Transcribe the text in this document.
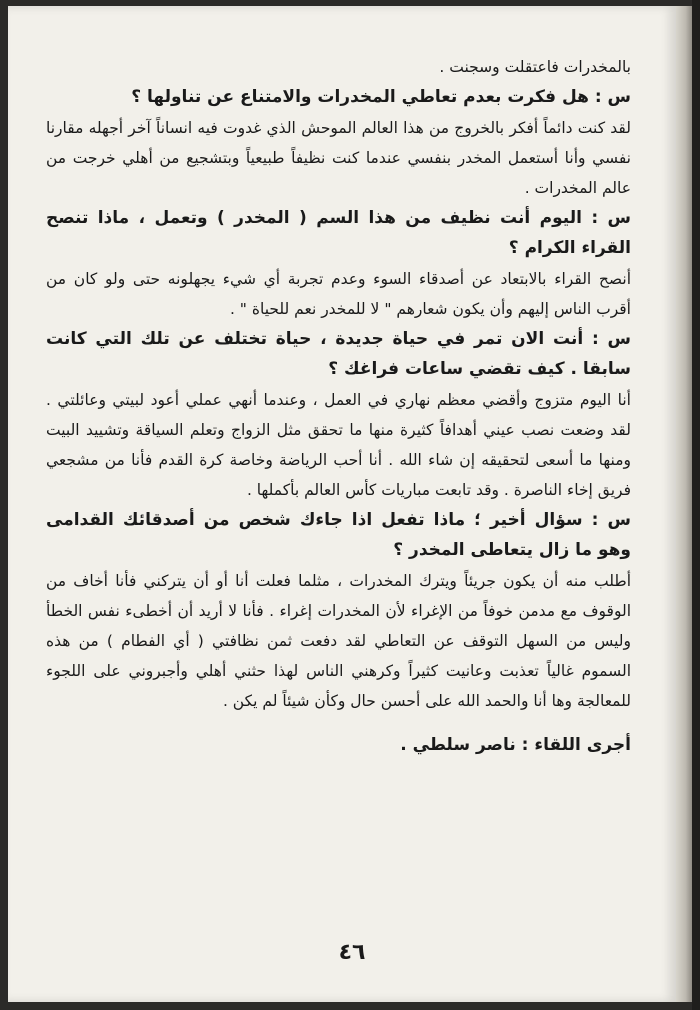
بالمخدرات فاعتقلت وسجنت .

س : هل فكرت بعدم تعاطي المخدرات والامتناع عن تناولها ؟

لقد كنت دائماً أفكر بالخروج من هذا العالم الموحش الذي غدوت فيه انساناً آخر أجهله مقارنا نفسي وأنا أستعمل المخدر بنفسي عندما كنت نظيفاً طبيعياً وبتشجيع من أهلي خرجت من عالم المخدرات .

س : اليوم أنت نظيف من هذا السم ( المخدر ) وتعمل ، ماذا تنصح القراء الكرام ؟

أنصح القراء بالابتعاد عن أصدقاء السوء وعدم تجربة أي شيء يجهلونه حتى ولو كان من أقرب الناس إليهم وأن يكون شعارهم " لا للمخدر نعم للحياة " .

س : أنت الان تمر في حياة جديدة ، حياة تختلف عن تلك التي كانت سابقا . كيف تقضي ساعات فراغك ؟

أنا اليوم متزوج وأقضي معظم نهاري في العمل ، وعندما أنهي عملي أعود لبيتي وعائلتي . لقد وضعت نصب عيني أهدافاً كثيرة منها ما تحقق مثل الزواج وتعلم السياقة وتشييد البيت ومنها ما أسعى لتحقيقه إن شاء الله . أنا أحب الرياضة وخاصة كرة القدم فأنا من مشجعي فريق إخاء الناصرة . وقد تابعت مباريات كأس العالم بأكملها .

س : سؤال أخير ؛ ماذا تفعل اذا جاءك شخص من أصدقائك القدامى وهو ما زال يتعاطى المخدر ؟

أطلب منه أن يكون جريئاً ويترك المخدرات ، مثلما فعلت أنا أو أن يتركني فأنا أخاف من الوقوف مع مدمن خوفاً من الإغراء لأن المخدرات إغراء . فأنا لا أريد أن أخطىء نفس الخطأ وليس من السهل التوقف عن التعاطي لقد دفعت ثمن نظافتي ( أي الفطام ) من هذه السموم غالياً تعذبت وعانيت كثيراً وكرهني الناس لهذا حثني أهلي وأجبروني على اللجوء للمعالجة وها أنا والحمد الله على أحسن حال وكأن شيئاً لم يكن .

أجرى اللقاء : ناصر سلطي .

٤٦
